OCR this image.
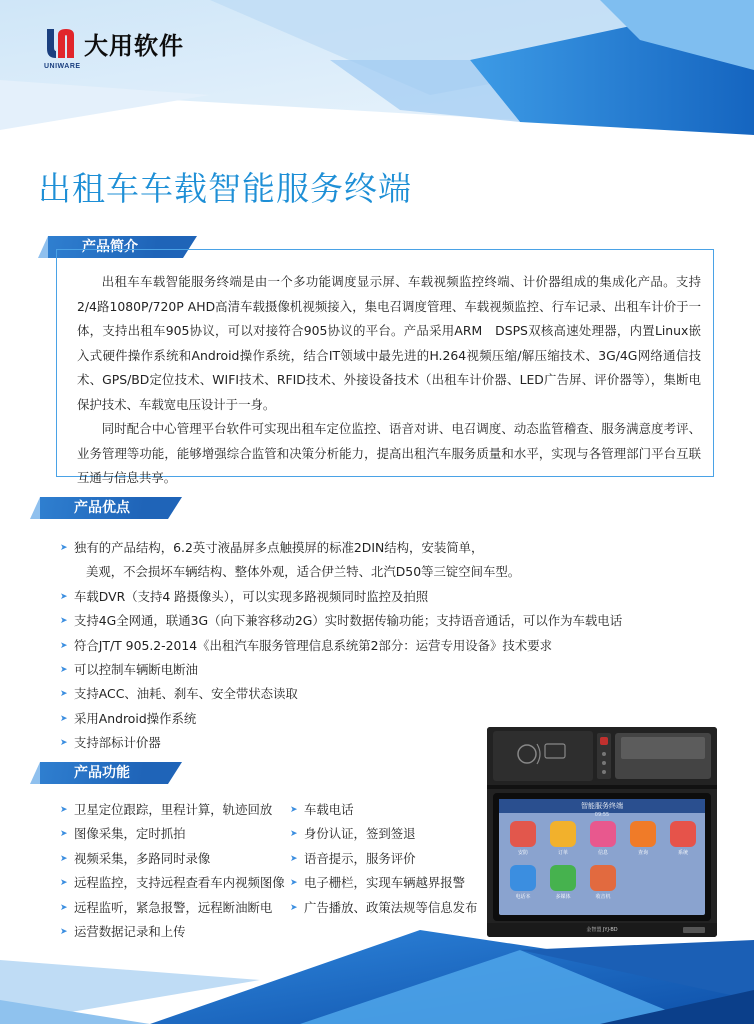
UNIWARE
大用软件
出租车车载智能服务终端
产品简介

出租车车载智能服务终端是由一个多功能调度显示屏、车载视频监控终端、计价器组成的集成化产品。支持2/4路1080P/720P AHD高清车载摄像机视频接入，集电召调度管理、车载视频监控、行车记录、出租车计价于一体，支持出租车905协议，可以对接符合905协议的平台。产品采用ARM　DSPS双核高速处理器，内置Linux嵌入式硬件操作系统和Android操作系统，结合IT领域中最先进的H.264视频压缩/解压缩技术、3G/4G网络通信技术、GPS/BD定位技术、WIFI技术、RFID技术、外接设备技术（出租车计价器、LED广告屏、评价器等），集断电保护技术、车载宽电压设计于一身。

同时配合中心管理平台软件可实现出租车定位监控、语音对讲、电召调度、动态监管稽查、服务满意度考评、业务管理等功能，能够增强综合监管和决策分析能力，提高出租汽车服务质量和水平，实现与各管理部门平台互联互通与信息共享。

产品优点
➤ 独有的产品结构，6.2英寸液晶屏多点触摸屏的标准2DIN结构，安装简单，
美观，不会损坏车辆结构、整体外观，适合伊兰特、北汽D50等三锭空间车型。
➤ 车载DVR（支持4 路摄像头），可以实现多路视频同时监控及拍照
➤ 支持4G全网通，联通3G（向下兼容移动2G）实时数据传输功能；支持语音通话，可以作为车载电话
➤ 符合JT/T 905.2-2014《出租汽车服务管理信息系统第2部分：运营专用设备》技术要求
➤ 可以控制车辆断电断油
➤ 支持ACC、油耗、刹车、安全带状态读取
➤ 采用Android操作系统
➤ 支持部标计价器
产品功能
➤ 卫星定位跟踪，里程计算，轨迹回放
➤ 图像采集，定时抓拍
➤ 视频采集，多路同时录像
➤ 远程监控，支持远程查看车内视频图像
➤ 远程监听，紧急报警，远程断油断电
➤ 运营数据记录和上传
➤ 车载电话
➤ 身份认证，签到签退
➤ 语音提示，服务评价
➤ 电子栅栏，实现车辆越界报警
➤ 广告播放、政策法规等信息发布
智能服务终端
09:55
安防	订单	信息	查询	系统
电话本	多媒体	收音机
金智盟 JYJ-BD
